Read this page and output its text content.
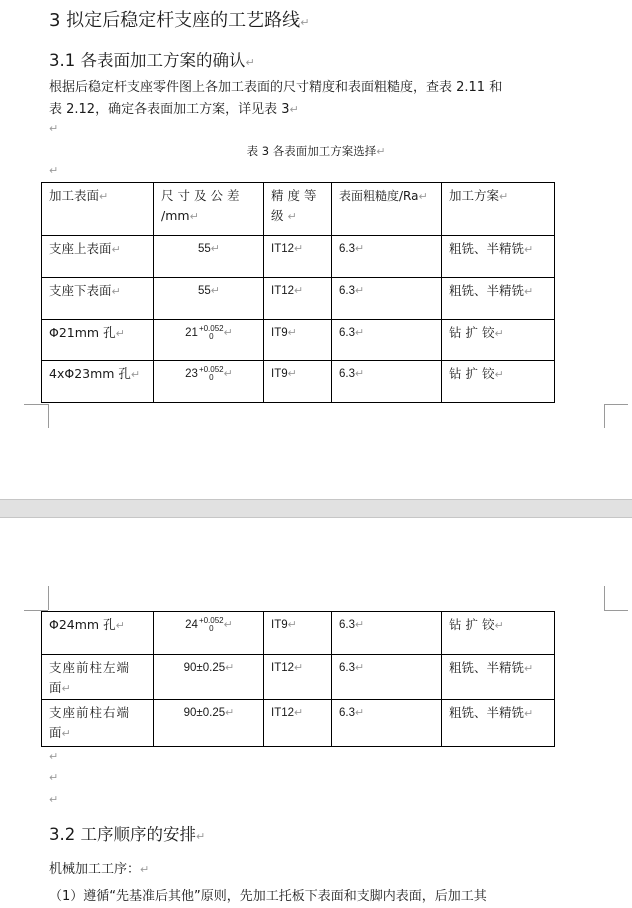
3 拟定后稳定杆支座的工艺路线↵
3.1 各表面加工方案的确认↵
根据后稳定杆支座零件图上各加工表面的尺寸精度和表面粗糙度，查表 2.11 和
表 2.12，确定各表面加工方案，详见表 3↵
↵
表 3 各表面加工方案选择↵
↵
加工表面↵	尺寸及公差
/mm↵	精度等
级↵	表面粗糙度/Ra↵	加工方案↵
支座上表面↵	55↵	IT12↵	6.3↵	粗铣、半精铣↵
支座下表面↵	55↵	IT12↵	6.3↵	粗铣、半精铣↵
Φ21mm 孔↵	21 +0.052
0 ↵	IT9↵	6.3↵	钻 扩 铰↵
4xΦ23mm 孔↵	23 +0.052
0 ↵	IT9↵	6.3↵	钻 扩 铰↵
Φ24mm 孔↵	24 +0.052
0 ↵	IT9↵	6.3↵	钻 扩 铰↵
支座前柱左端
面↵	90±0.25↵	IT12↵	6.3↵	粗铣、半精铣↵
支座前柱右端
面↵	90±0.25↵	IT12↵	6.3↵	粗铣、半精铣↵
↵
↵
↵
3.2 工序顺序的安排↵
机械加工工序：↵
（1）遵循“先基准后其他”原则，先加工托板下表面和支脚内表面，后加工其
